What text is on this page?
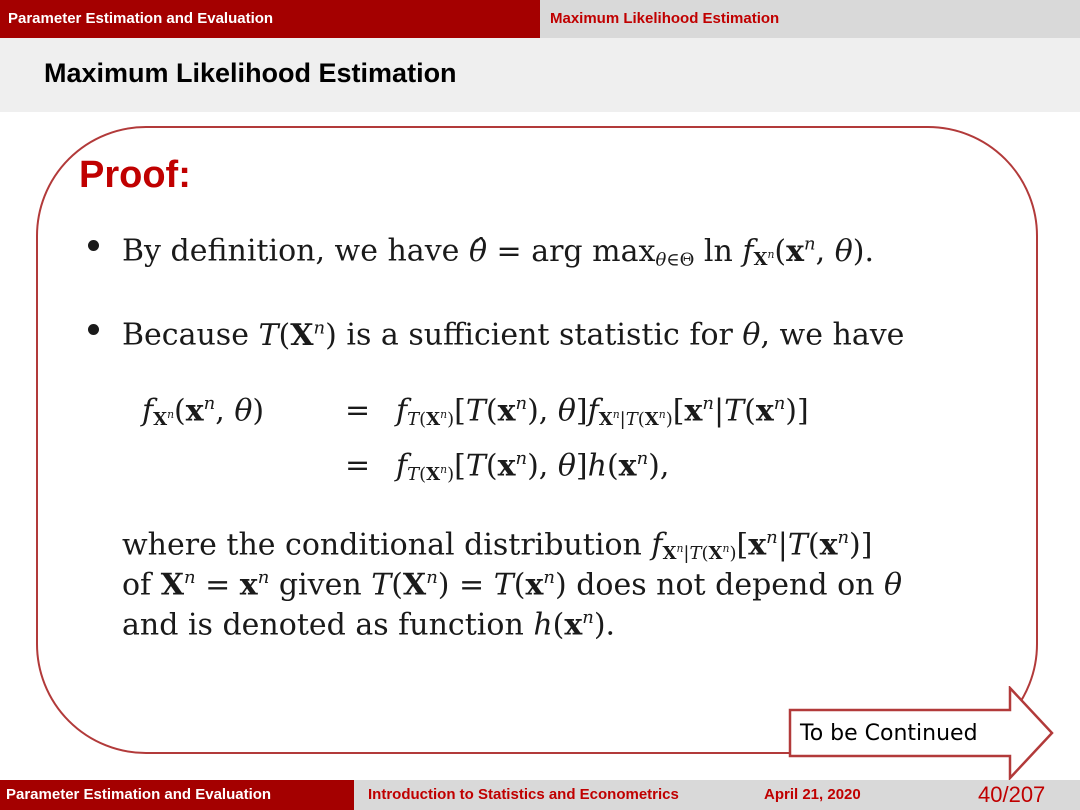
Parameter Estimation and Evaluation	Maximum Likelihood Estimation
Maximum Likelihood Estimation
Proof:
By definition, we have θ̂ = arg $\max_{\theta\in\Theta} \ln f_{X^n}(x^n$, θ).
Because $T(X^n)$ is a sufficient statistic for θ, we have
$f_{X^n}(x^n$, θ)	= $f_{T(X^n)}[T(x^n)$, $\theta]f_{X^n|T(X^n)}[x^n|T(x^n)]$
= $f_{T(X^n)}[T(x^n)$, $\theta]h(x^n)$,
where the conditional distribution $f_{X^n|T(X^n)}[x^n|T(x^n)]$
of $X^n = x^n$ given $T(X^n) = T(x^n)$ does not depend on θ
and is denoted as function $h(x^n)$.
To be Continued
Parameter Estimation and Evaluation	Introduction to Statistics and Econometrics	April 21, 2020	40/207
